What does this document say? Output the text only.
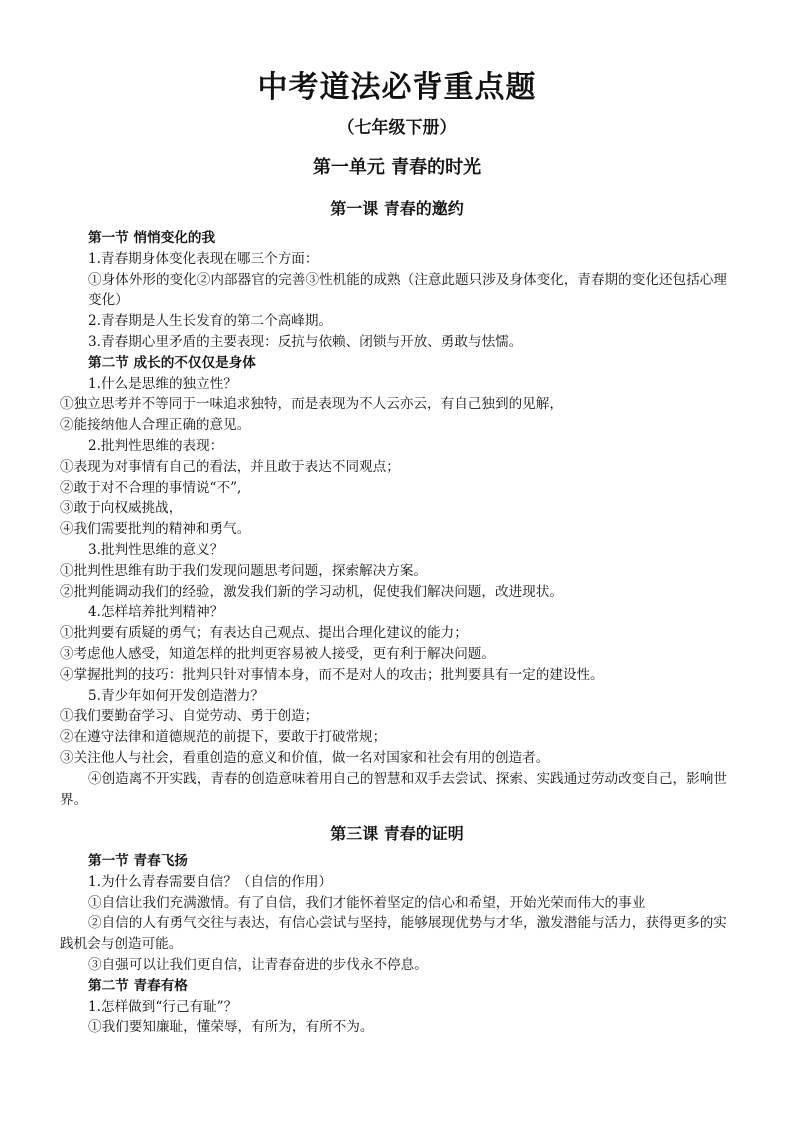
中考道法必背重点题
（七年级下册）
第一单元 青春的时光
第一课 青春的邀约
第一节 悄悄变化的我
1.青春期身体变化表现在哪三个方面：
①身体外形的变化②内部器官的完善③性机能的成熟（注意此题只涉及身体变化，青春期的变化还包括心理变化）
2.青春期是人生长发育的第二个高峰期。
3.青春期心里矛盾的主要表现：反抗与依赖、闭锁与开放、勇敢与怯懦。
第二节 成长的不仅仅是身体
1.什么是思维的独立性？
①独立思考并不等同于一味追求独特，而是表现为不人云亦云，有自己独到的见解，
②能接纳他人合理正确的意见。
2.批判性思维的表现：
①表现为对事情有自己的看法，并且敢于表达不同观点；
②敢于对不合理的事情说“不”,
③敢于向权威挑战，
④我们需要批判的精神和勇气。
3.批判性思维的意义？
①批判性思维有助于我们发现问题思考问题，探索解决方案。
②批判能调动我们的经验，激发我们新的学习动机，促使我们解决问题，改进现状。
4.怎样培养批判精神？
①批判要有质疑的勇气；有表达自己观点、提出合理化建议的能力；
③考虑他人感受，知道怎样的批判更容易被人接受，更有利于解决问题。
④掌握批判的技巧：批判只针对事情本身，而不是对人的攻击；批判要具有一定的建设性。
5.青少年如何开发创造潜力？
①我们要勤奋学习、自觉劳动、勇于创造；
②在遵守法律和道德规范的前提下，要敢于打破常规；
③关注他人与社会，看重创造的意义和价值，做一名对国家和社会有用的创造者。
④创造离不开实践，青春的创造意味着用自己的智慧和双手去尝试、探索、实践通过劳动改变自己，影响世界。
第三课 青春的证明
第一节 青春飞扬
1.为什么青春需要自信？（自信的作用）
①自信让我们充满激情。有了自信，我们才能怀着坚定的信心和希望，开始光荣而伟大的事业
②自信的人有勇气交往与表达，有信心尝试与坚持，能够展现优势与才华，激发潜能与活力，获得更多的实践机会与创造可能。
③自强可以让我们更自信，让青春奋进的步伐永不停息。
第二节 青春有格
1.怎样做到“行己有耻”？
①我们要知廉耻，懂荣辱，有所为，有所不为。
